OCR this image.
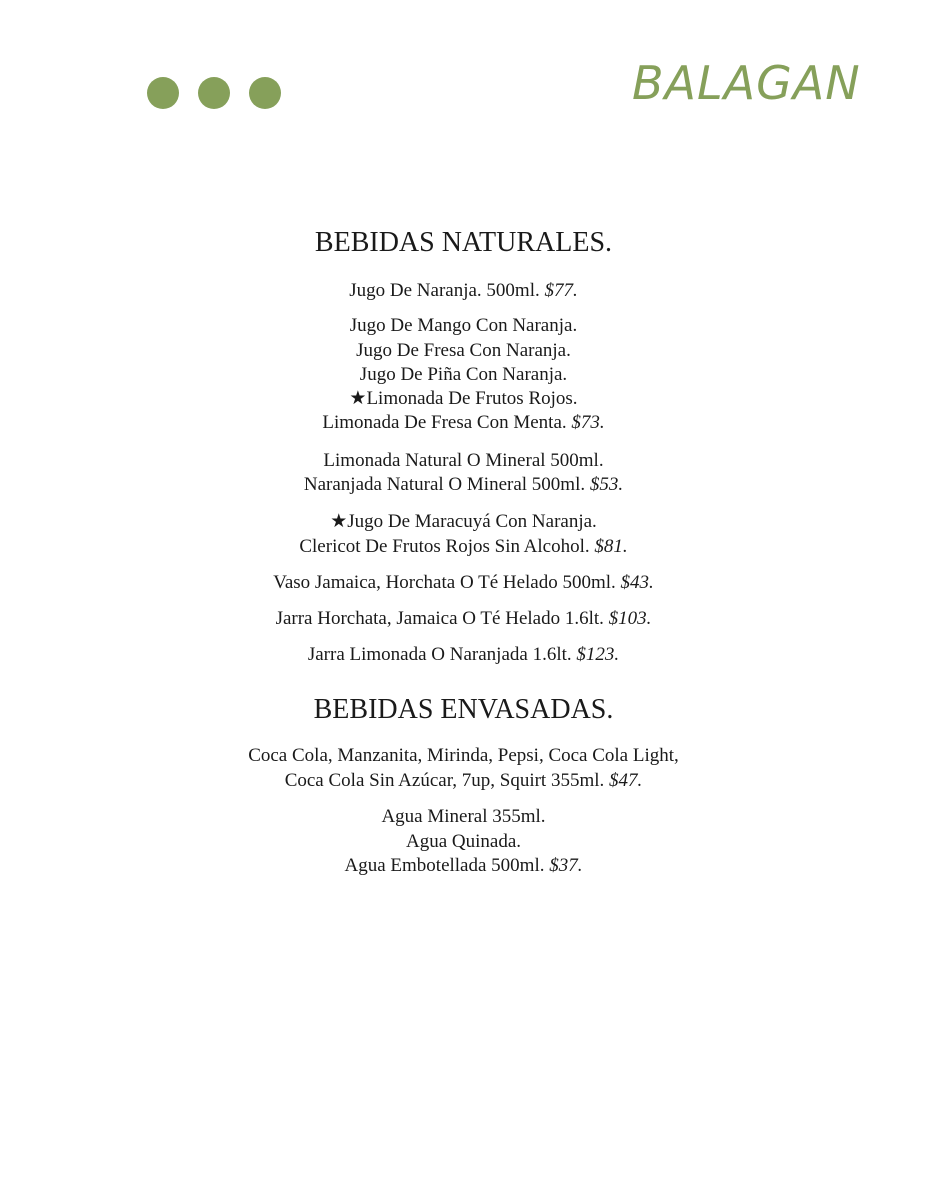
BALAGAN
BEBIDAS NATURALES.
Jugo De Naranja. 500ml. $77.
Jugo De Mango Con Naranja.
Jugo De Fresa Con Naranja.
Jugo De Piña Con Naranja.
★Limonada De Frutos Rojos.
Limonada De Fresa Con Menta. $73.
Limonada Natural O Mineral 500ml.
Naranjada Natural O Mineral 500ml. $53.
★Jugo De Maracuyá Con Naranja.
Clericot De Frutos Rojos Sin Alcohol. $81.
Vaso Jamaica, Horchata O Té Helado 500ml. $43.
Jarra Horchata, Jamaica O Té Helado 1.6lt. $103.
Jarra Limonada O Naranjada 1.6lt. $123.
BEBIDAS ENVASADAS.
Coca Cola, Manzanita, Mirinda, Pepsi, Coca Cola Light,
Coca Cola Sin Azúcar, 7up, Squirt 355ml. $47.
Agua Mineral 355ml.
Agua Quinada.
Agua Embotellada 500ml. $37.
